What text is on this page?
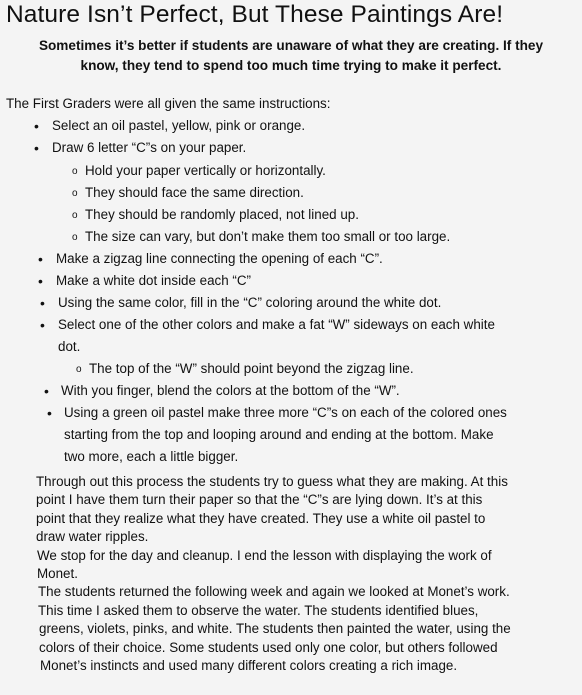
Nature Isn’t Perfect, But These Paintings Are!
Sometimes it’s better if students are unaware of what they are creating. If they
know, they tend to spend too much time trying to make it perfect.
The First Graders were all given the same instructions:
• Select an oil pastel, yellow, pink or orange.
• Draw 6 letter “C”s on your paper.
o Hold your paper vertically or horizontally.
o They should face the same direction.
o They should be randomly placed, not lined up.
o The size can vary, but don’t make them too small or too large.
• Make a zigzag line connecting the opening of each “C”.
• Make a white dot inside each “C”
• Using the same color, fill in the “C” coloring around the white dot.
• Select one of the other colors and make a fat “W” sideways on each white
dot.
o The top of the “W” should point beyond the zigzag line.
• With you finger, blend the colors at the bottom of the “W”.
• Using a green oil pastel make three more “C”s on each of the colored ones
starting from the top and looping around and ending at the bottom. Make
two more, each a little bigger.
Through out this process the students try to guess what they are making. At this
point I have them turn their paper so that the “C”s are lying down. It’s at this
point that they realize what they have created. They use a white oil pastel to
draw water ripples.
We stop for the day and cleanup. I end the lesson with displaying the work of
Monet.
The students returned the following week and again we looked at Monet’s work.
This time I asked them to observe the water. The students identified blues,
greens, violets, pinks, and white. The students then painted the water, using the
colors of their choice. Some students used only one color, but others followed
Monet’s instincts and used many different colors creating a rich image.
